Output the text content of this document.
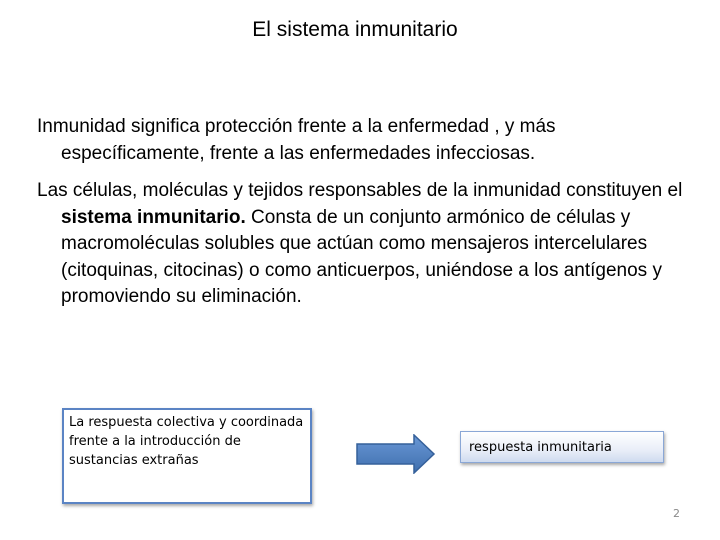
El sistema inmunitario

Inmunidad significa protección frente a la enfermedad , y más específicamente, frente a las enfermedades infecciosas.

Las células, moléculas y tejidos responsables de la inmunidad constituyen el sistema inmunitario. Consta de un conjunto armónico de células y macromoléculas solubles que actúan como mensajeros intercelulares (citoquinas, citocinas) o como anticuerpos, uniéndose a los antígenos y promoviendo su eliminación.

La respuesta colectiva y coordinada frente a la introducción de sustancias extrañas
respuesta inmunitaria
2
